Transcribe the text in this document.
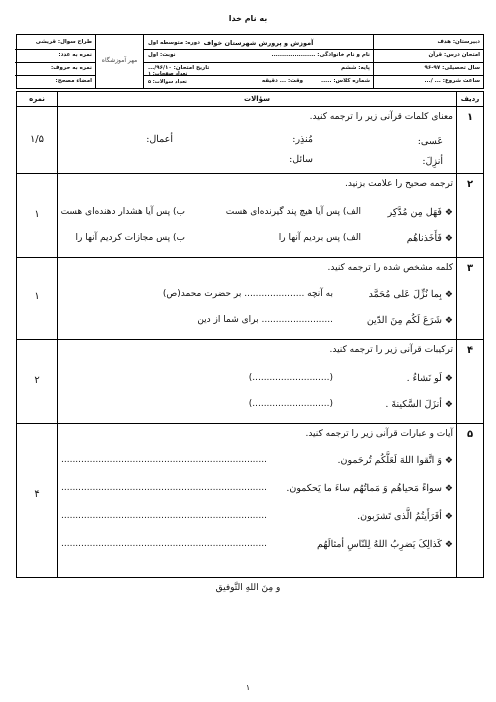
به نام خدا
دبیرستان: هدف
امتحان درس: قرآن
سال تحصیلی: ۹۷-۹۶
ساعت شروع: ... /...
آموزش و پرورش شهرستان خواف
دوره: متوسطه اول
نام و نام خانوادگی: .....................
نوبت: اول
پایه: ششم
تاریخ امتحان: ۹۶/۱۰/...
شماره کلاس: .....
وقت: ... دقیقه
تعداد صفحات: ۱
تعداد سوالات: ۵
مهر آموزشگاه
طراح سوال: قریشی
نمره به عدد:
نمره به حروف:
امضاء مصحح:
ردیف
سؤالات
نمره
۱
۱/۵
معنای کلمات قرآنی زیر را ترجمه کنید.
عَسی:
مُنذِر:
أعمال:
أنزِلَ:
سائل:
۲
۱
ترجمه صحیح را علامت بزنید.
❖فَهَل مِن مُدَّكِر
الف) پس آیا هیچ پند گیرنده‌ای هست
ب) پس آیا هشدار دهنده‌ای هست
❖فَأَخَذناهُم
الف) پس بردیم آنها را
ب) پس مجازات کردیم آنها را
۳
۱
کلمه مشخص شده را ترجمه کنید.
❖بِما نُزِّلَ عَلی مُحَمَّد
به آنچه ..................... بر حضرت محمد(ص)
❖شَرَعَ لَکُم مِنَ الدّین
......................... برای شما از دین
۴
۲
ترکیبات قرآنی زیر را ترجمه کنید.
❖لَو نَشاءُ .
(...........................)
❖أنزَلَ السَّکینةَ .
(...........................)
۵
۴
آیات و عبارات قرآنی زیر را ترجمه کنید.
❖وَ اتَّقوا اللهَ لَعَلَّکُم تُرحَمون.
........................................................................
❖سواءً مَحیاهُم وَ مَماتُهُم ساءَ ما یَحکمون.
........................................................................
❖أفَرَأَیتُمُ الَّذی تَشرَبون.
........................................................................
❖کَذالِکَ یَضرِبُ اللهُ لِلنّاسِ أمثالَهُم
........................................................................
و مِنَ اللهِ التَّوفیق
۱
